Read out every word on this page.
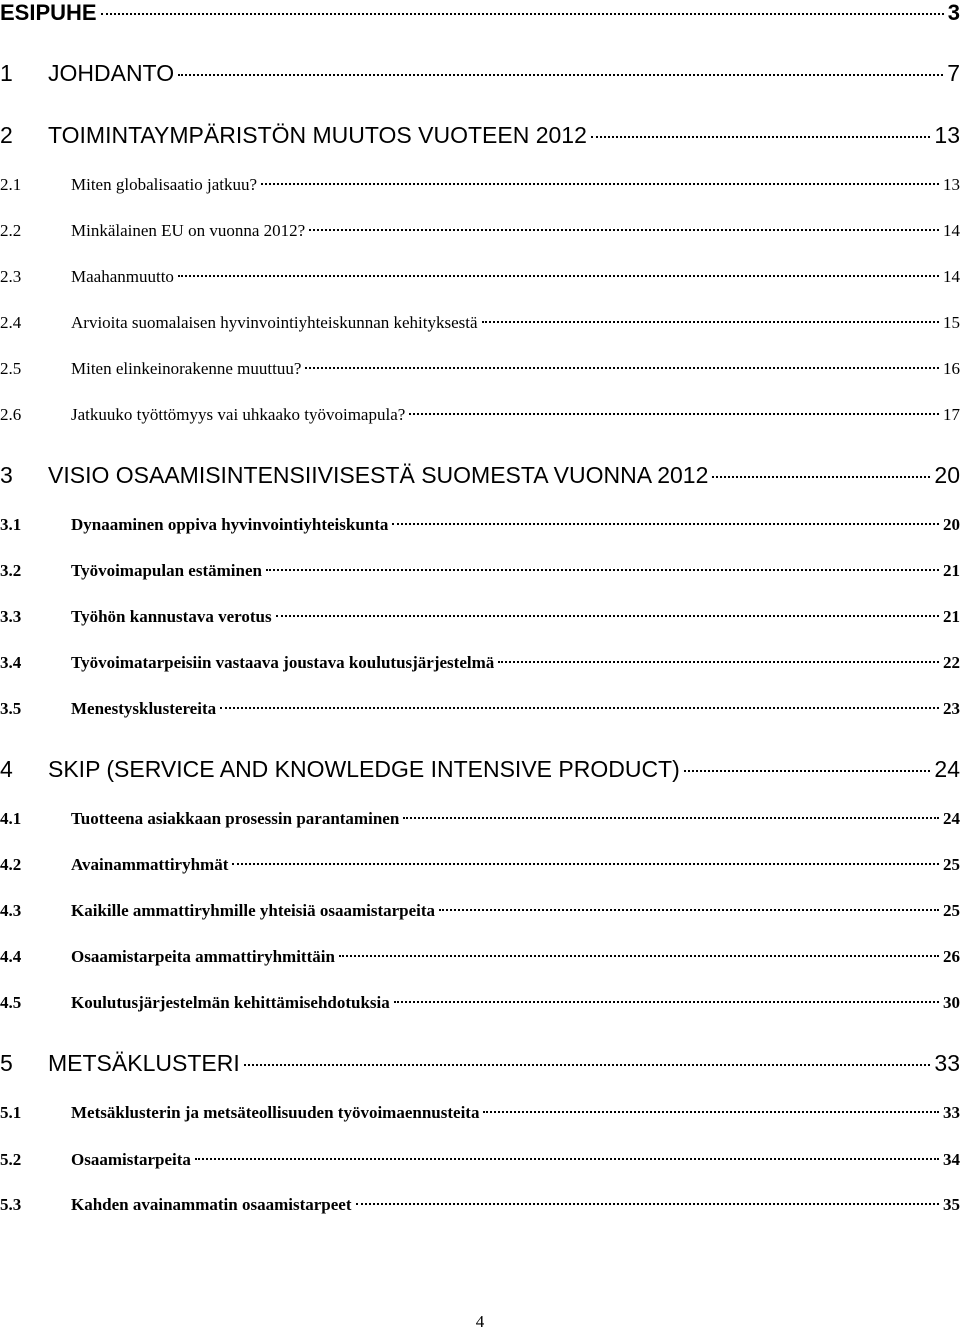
ESIPUHE	3
1	JOHDANTO	7
2	TOIMINTAYMPÄRISTÖN MUUTOS VUOTEEN 2012	13
2.1	Miten globalisaatio jatkuu?	13
2.2	Minkälainen EU on vuonna 2012?	14
2.3	Maahanmuutto	14
2.4	Arvioita suomalaisen hyvinvointiyhteiskunnan kehityksestä	15
2.5	Miten elinkeinorakenne muuttuu?	16
2.6	Jatkuuko työttömyys vai uhkaako työvoimapula?	17
3	VISIO OSAAMISINTENSIIVISESTÄ SUOMESTA VUONNA 2012	20
3.1	Dynaaminen oppiva hyvinvointiyhteiskunta	20
3.2	Työvoimapulan estäminen	21
3.3	Työhön kannustava verotus	21
3.4	Työvoimatarpeisiin vastaava joustava koulutusjärjestelmä	22
3.5	Menestysklustereita	23
4	SKIP (SERVICE AND KNOWLEDGE INTENSIVE PRODUCT)	24
4.1	Tuotteena asiakkaan prosessin parantaminen	24
4.2	Avainammattiryhmät	25
4.3	Kaikille ammattiryhmille yhteisiä osaamistarpeita	25
4.4	Osaamistarpeita ammattiryhmittäin	26
4.5	Koulutusjärjestelmän kehittämisehdotuksia	30
5	METSÄKLUSTERI	33
5.1	Metsäklusterin ja metsäteollisuuden työvoimaennusteita	33
5.2	Osaamistarpeita	34
5.3	Kahden avainammatin osaamistarpeet	35
4
